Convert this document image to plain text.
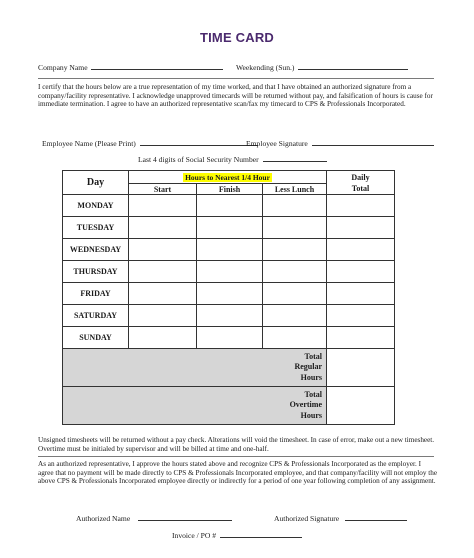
TIME CARD
Company Name	Weekending (Sun.)
I certify that the hours below are a true representation of my time worked, and that I have obtained an authorized signature from a company/facility representative. I acknowledge unapproved timecards will be returned without pay, and falsification of hours is cause for immediate termination. I agree to have an authorized representative scan/fax my timecard to CPS & Professionals Incorporated.
Employee Name (Please Print)	Employee Signature
Last 4 digits of Social Security Number
Day	Hours to Nearest 1/4 Hour			Daily
	Start	Finish	Less Lunch	Total
MONDAY				
TUESDAY				
WEDNESDAY				
THURSDAY				
FRIDAY				
SATURDAY				
SUNDAY				

Total
Regular
Hours				

Total
Overtime
Hours				

Unsigned timesheets will be returned without a pay check. Alterations will void the timesheet. In case of error, make out a new timesheet. Overtime must be initialed by supervisor and will be billed at time and one-half.
As an authorized representative, I approve the hours stated above and recognize CPS & Professionals Incorporated as the employer. I agree that no payment will be made directly to CPS & Professionals Incorporated employee, and that company/facility will not employ the above CPS & Professionals Incorporated employee directly or indirectly for a period of one year following completion of any assignment.
Authorized Name	Authorized Signature
Invoice / PO #
